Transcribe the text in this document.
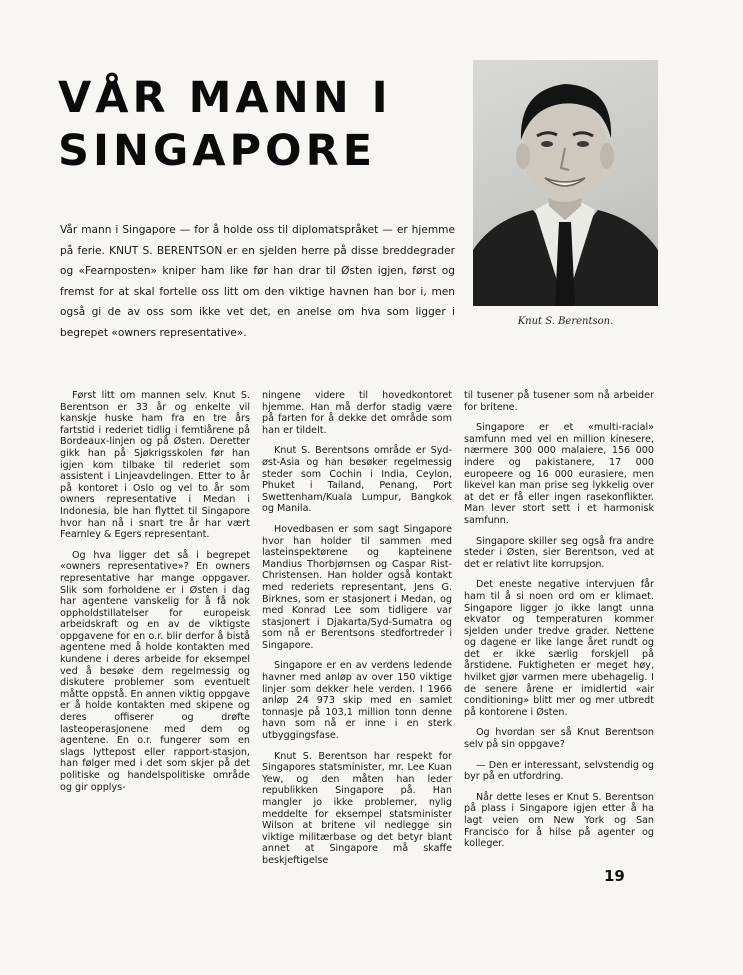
VÅR MANN I
SINGAPORE
Vår mann i Singapore — for å holde oss til diplomatspråket — er hjemme på ferie. KNUT S. BERENTSON er en sjelden herre på disse breddegrader og «Fearnposten» kniper ham like før han drar til Østen igjen, først og fremst for at skal fortelle oss litt om den viktige havnen han bor i, men også gi de av oss som ikke vet det, en anelse om hva som ligger i begrepet «owners representative».
Knut S. Berentson.

Først litt om mannen selv. Knut S. Berentson er 33 år og enkelte vil kanskje huske ham fra en tre års fartstid i rederiet tidlig i femtiårene på Bordeaux-linjen og på Østen. Deretter gikk han på Sjøkrigsskolen før han igjen kom tilbake til rederiet som assistent i Linjeavdelingen. Etter to år på kontoret i Oslo og vel to år som owners representative i Medan i Indonesia, ble han flyttet til Singapore hvor han nå i snart tre år har vært Fearnley & Egers representant.

Og hva ligger det så i begrepet «owners representative»? En owners representative har mange oppgaver. Slik som forholdene er i Østen i dag har agentene vanskelig for å få nok oppholdstillatelser for europeisk arbeidskraft og en av de viktigste oppgavene for en o.r. blir derfor å bistå agentene med å holde kontakten med kundene i deres arbeide for eksempel ved å besøke dem regelmessig og diskutere problemer som eventuelt måtte oppstå. En annen viktig oppgave er å holde kontakten med skipene og deres offiserer og drøfte lasteoperasjonene med dem og agentene. En o.r. fungerer som en slags lyttepost eller rapport-stasjon, han følger med i det som skjer på det politiske og handelspolitiske område og gir opplys-

ningene videre til hovedkontoret hjemme. Han må derfor stadig være på farten for å dekke det område som han er tildelt.

Knut S. Berentsons område er Syd-øst-Asia og han besøker regelmessig steder som Cochin i India, Ceylon, Phuket i Tailand, Penang, Port Swettenham/Kuala Lumpur, Bangkok og Manila.

Hovedbasen er som sagt Singapore hvor han holder til sammen med lasteinspektørene og kapteinene Mandius Thorbjørnsen og Caspar Rist-Christensen. Han holder også kontakt med rederiets representant, Jens G. Birknes, som er stasjonert i Medan, og med Konrad Lee som tidligere var stasjonert i Djakarta/Syd-Sumatra og som nå er Berentsons stedfortreder i Singapore.

Singapore er en av verdens ledende havner med anløp av over 150 viktige linjer som dekker hele verden. I 1966 anløp 24 973 skip med en samlet tonnasje på 103,1 million tonn denne havn som nå er inne i en sterk utbyggingsfase.

Knut S. Berentson har respekt for Singapores statsminister, mr. Lee Kuan Yew, og den måten han leder republikken Singapore på. Han mangler jo ikke problemer, nylig meddelte for eksempel statsminister Wilson at britene vil nedlegge sin viktige militærbase og det betyr blant annet at Singapore må skaffe beskjeftigelse

til tusener på tusener som nå arbeider for britene.

Singapore er et «multi-racial» samfunn med vel en million kinesere, nærmere 300 000 malaiere, 156 000 indere og pakistanere, 17 000 europeere og 16 000 eurasiere, men likevel kan man prise seg lykkelig over at det er få eller ingen rasekonflikter. Man lever stort sett i et harmonisk samfunn.

Singapore skiller seg også fra andre steder i Østen, sier Berentson, ved at det er relativt lite korrupsjon.

Det eneste negative intervjuen får ham til å si noen ord om er klimaet. Singapore ligger jo ikke langt unna ekvator og temperaturen kommer sjelden under tredve grader. Nettene og dagene er like lange året rundt og det er ikke særlig forskjell på årstidene. Fuktigheten er meget høy, hvilket gjør varmen mere ubehagelig. I de senere årene er imidlertid «air conditioning» blitt mer og mer utbredt på kontorene i Østen.

Og hvordan ser så Knut Berentson selv på sin oppgave?

— Den er interessant, selvstendig og byr på en utfordring.

Når dette leses er Knut S. Berentson på plass i Singapore igjen etter å ha lagt veien om New York og San Francisco for å hilse på agenter og kolleger.

19
